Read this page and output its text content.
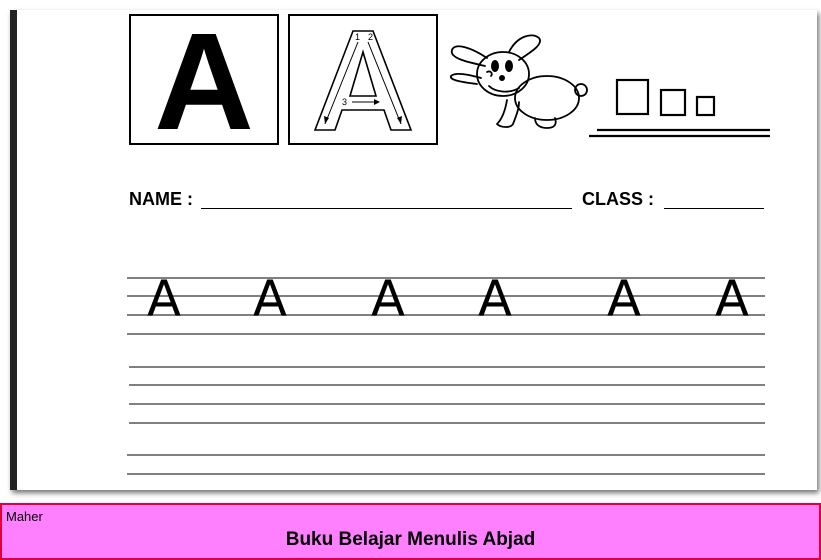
A	1 2
3
NAME :	CLASS :
A A A A A A
Maher
Buku Belajar Menulis Abjad
